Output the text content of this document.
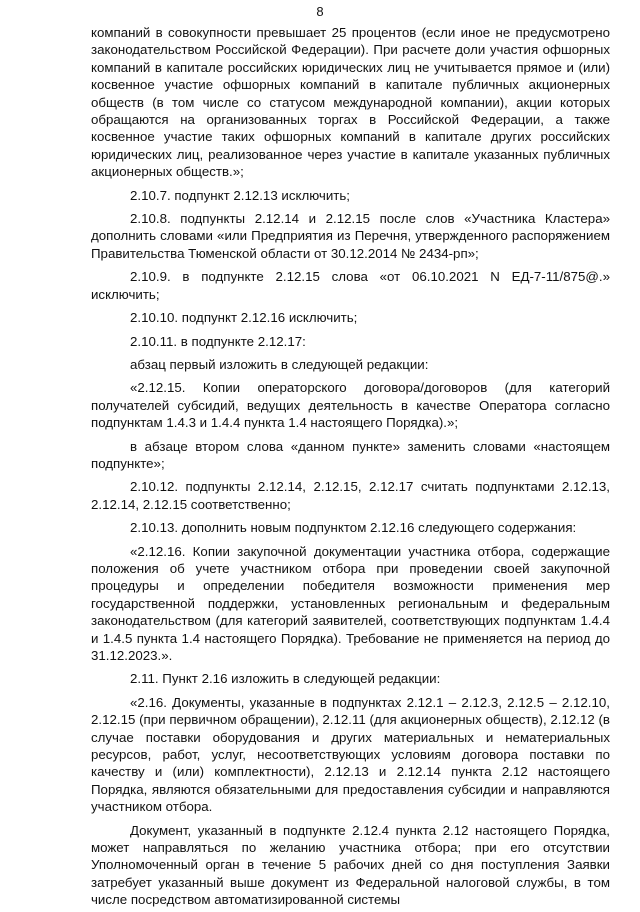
8

компаний в совокупности превышает 25 процентов (если иное не предусмотрено законодательством Российской Федерации). При расчете доли участия офшорных компаний в капитале российских юридических лиц не учитывается прямое и (или) косвенное участие офшорных компаний в капитале публичных акционерных обществ (в том числе со статусом международной компании), акции которых обращаются на организованных торгах в Российской Федерации, а также косвенное участие таких офшорных компаний в капитале других российских юридических лиц, реализованное через участие в капитале указанных публичных акционерных обществ.»;

2.10.7. подпункт 2.12.13 исключить;

2.10.8. подпункты 2.12.14 и 2.12.15 после слов «Участника Кластера» дополнить словами «или Предприятия из Перечня, утвержденного распоряжением Правительства Тюменской области от 30.12.2014 № 2434-рп»;

2.10.9. в подпункте 2.12.15 слова «от 06.10.2021 N ЕД-7-11/875@.» исключить;

2.10.10. подпункт 2.12.16 исключить;

2.10.11. в подпункте 2.12.17:

абзац первый изложить в следующей редакции:

«2.12.15. Копии операторского договора/договоров (для категорий получателей субсидий, ведущих деятельность в качестве Оператора согласно подпунктам 1.4.3 и 1.4.4 пункта 1.4 настоящего Порядка).»;

в абзаце втором слова «данном пункте» заменить словами «настоящем подпункте»;

2.10.12. подпункты 2.12.14, 2.12.15, 2.12.17 считать подпунктами 2.12.13, 2.12.14, 2.12.15 соответственно;

2.10.13. дополнить новым подпунктом 2.12.16 следующего содержания:

«2.12.16. Копии закупочной документации участника отбора, содержащие положения об учете участником отбора при проведении своей закупочной процедуры и определении победителя возможности применения мер государственной поддержки, установленных региональным и федеральным законодательством (для категорий заявителей, соответствующих подпунктам 1.4.4 и 1.4.5 пункта 1.4 настоящего Порядка). Требование не применяется на период до 31.12.2023.».

2.11. Пункт 2.16 изложить в следующей редакции:

«2.16. Документы, указанные в подпунктах 2.12.1 – 2.12.3, 2.12.5 – 2.12.10, 2.12.15 (при первичном обращении), 2.12.11 (для акционерных обществ), 2.12.12 (в случае поставки оборудования и других материальных и нематериальных ресурсов, работ, услуг, несоответствующих условиям договора поставки по качеству и (или) комплектности), 2.12.13 и 2.12.14 пункта 2.12 настоящего Порядка, являются обязательными для предоставления субсидии и направляются участником отбора.

Документ, указанный в подпункте 2.12.4 пункта 2.12 настоящего Порядка, может направляться по желанию участника отбора; при его отсутствии Уполномоченный орган в течение 5 рабочих дней со дня поступления Заявки затребует указанный выше документ из Федеральной налоговой службы, в том числе посредством автоматизированной системы
